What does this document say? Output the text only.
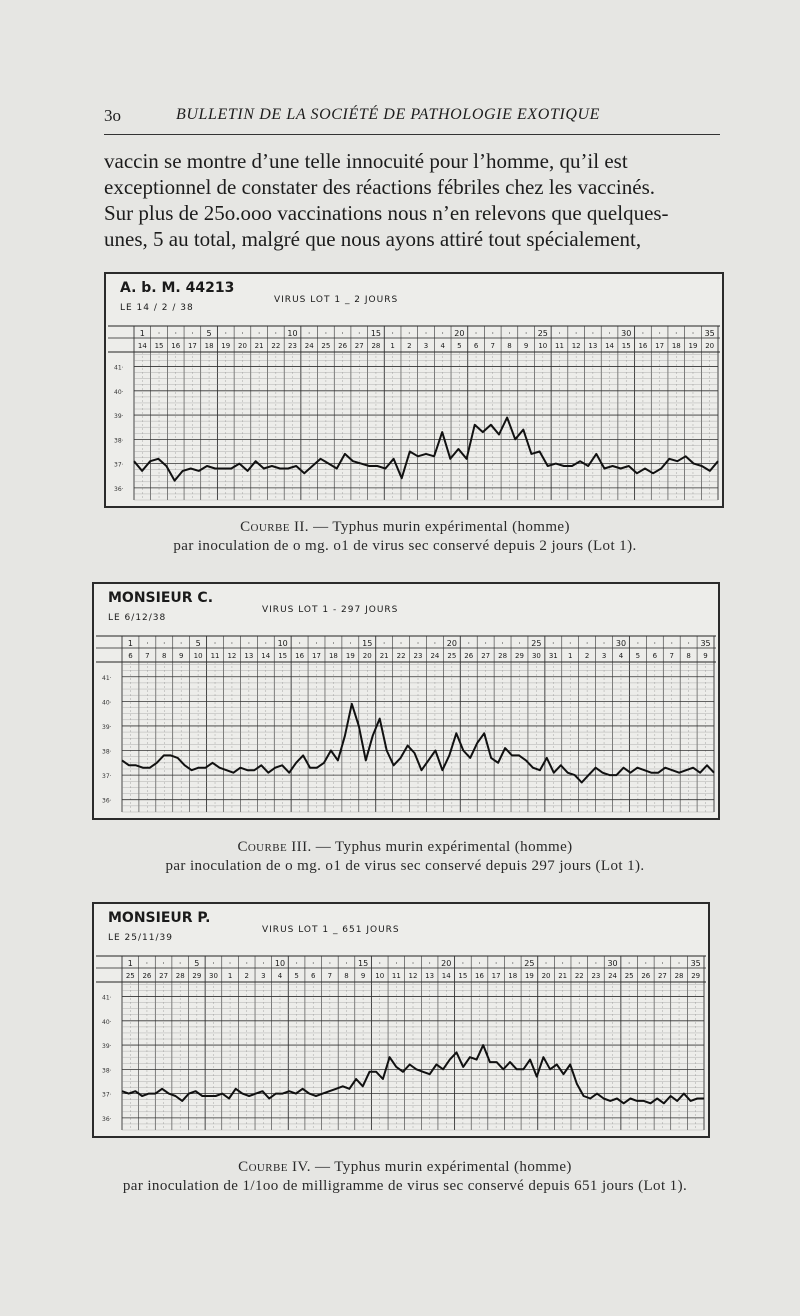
3o	BULLETIN DE LA SOCIÉTÉ DE PATHOLOGIE EXOTIQUE

vaccin se montre d’une telle innocuité pour l’homme, qu’il est

exceptionnel de constater des réactions fébriles chez les vaccinés.

Sur plus de 25o.ooo vaccinations nous n’en relevons que quelques-

unes, 5 au total, malgré que nous ayons attiré tout spécialement,

A. b. M. 44213
LE 14 / 2 / 38
VIRUS LOT 1 _ 2 JOURS
1 · · · 5 · · · · 10 · · · · 15 · · · · 20 · · · · 25 · · · · 30 · · · · 35
14 15 16 17 18 19 20 21 22 23 24 25 26 27 28 1 2 3 4 5 6 7 8 9 10 11 12 13 14 15 16 17 18 19 20
41·
40·
39·
38·
37·
36·
Courbe II. — Typhus murin expérimental (homme)
par inoculation de o mg. o1 de virus sec conservé depuis 2 jours (Lot 1).
MONSIEUR C.
LE 6/12/38
VIRUS LOT 1 - 297 JOURS
1 · · · 5 · · · · 10 · · · · 15 · · · · 20 · · · · 25 · · · · 30 · · · · 35
6 7 8 9 10 11 12 13 14 15 16 17 18 19 20 21 22 23 24 25 26 27 28 29 30 31 1 2 3 4 5 6 7 8 9
41·
40·
39·
38·
37·
36·
Courbe III. — Typhus murin expérimental (homme)
par inoculation de o mg. o1 de virus sec conservé depuis 297 jours (Lot 1).
MONSIEUR P.
LE 25/11/39
VIRUS LOT 1 _ 651 JOURS
1 · · · 5 · · · · 10 · · · · 15 · · · · 20 · · · · 25 · · · · 30 · · · · 35
25 26 27 28 29 30 1 2 3 4 5 6 7 8 9 10 11 12 13 14 15 16 17 18 19 20 21 22 23 24 25 26 27 28 29
41·
40·
39·
38·
37·
36·
Courbe IV. — Typhus murin expérimental (homme)
par inoculation de 1/1oo de milligramme de virus sec conservé depuis 651 jours (Lot 1).
